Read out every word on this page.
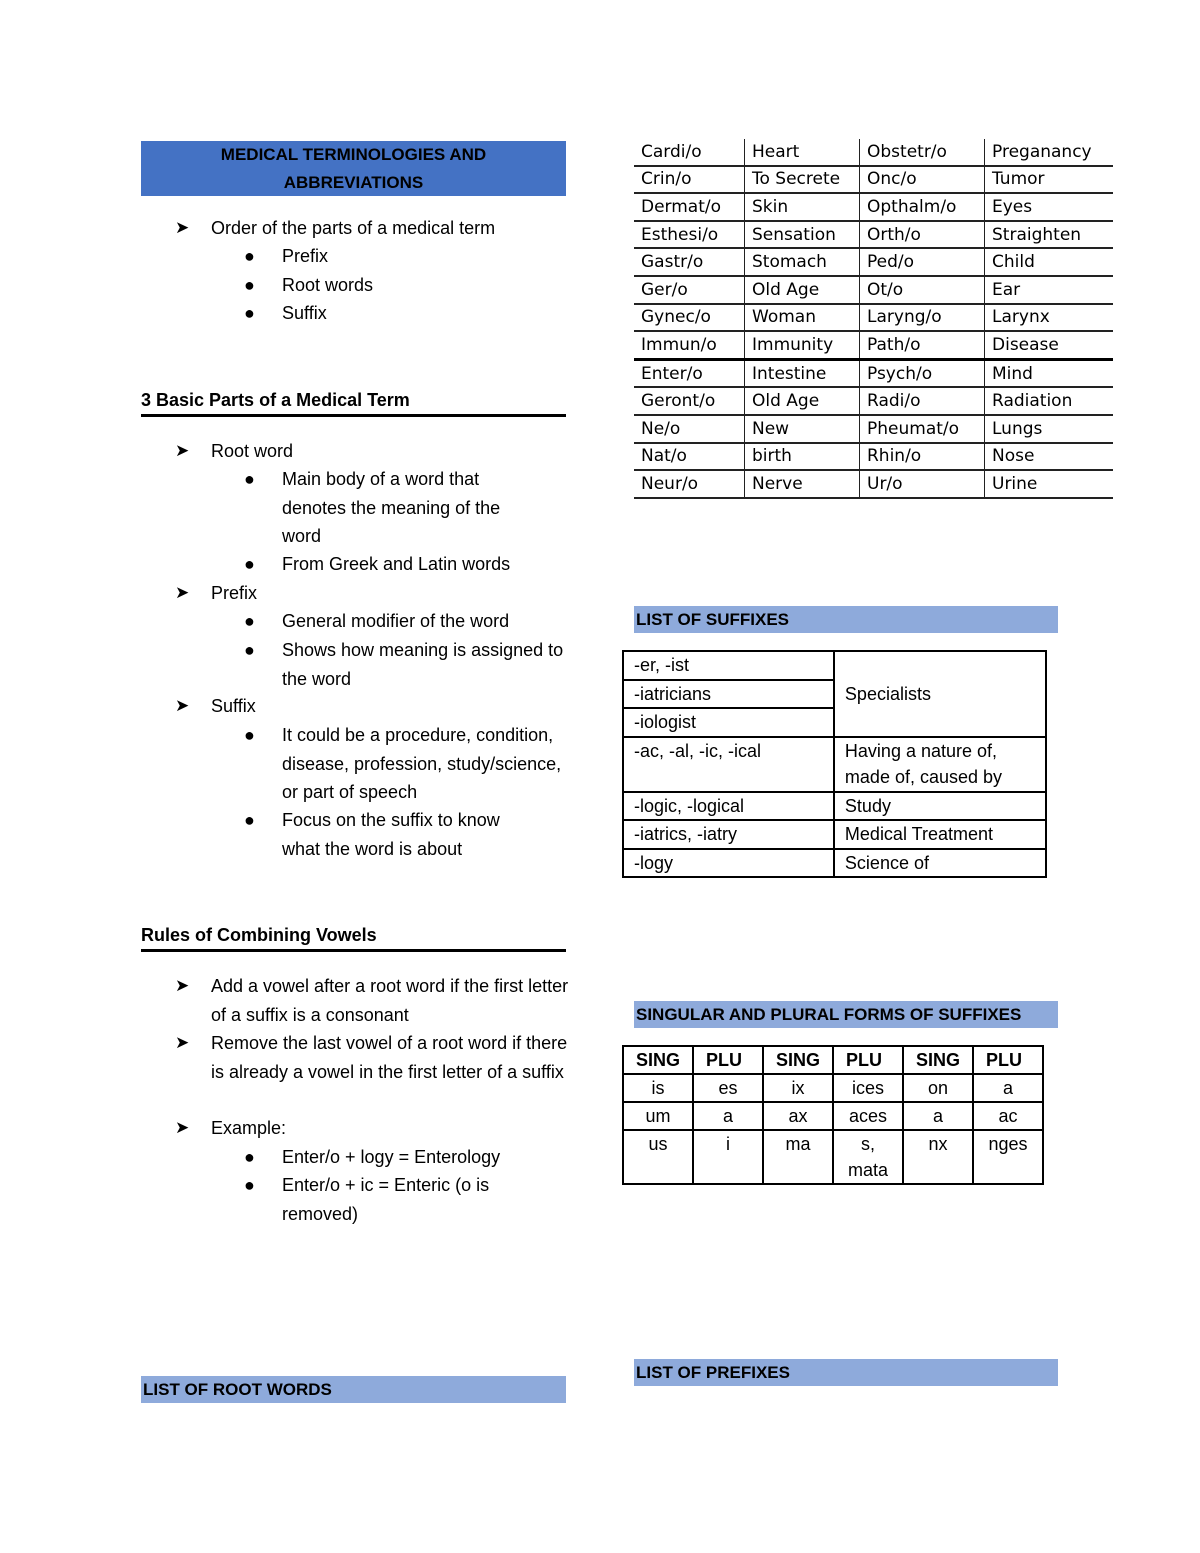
MEDICAL TERMINOLOGIES AND
ABBREVIATIONS
➤ Order of the parts of a medical term
● Prefix
● Root words
● Suffix
3 Basic Parts of a Medical Term
➤ Root word
● Main body of a word that denotes the meaning of the word
● From Greek and Latin words
➤ Prefix
● General modifier of the word
● Shows how meaning is assigned to the word
➤ Suffix
● It could be a procedure, condition, disease, profession, study/science, or part of speech
● Focus on the suffix to know what the word is about
Rules of Combining Vowels
➤ Add a vowel after a root word if the first letter of a suffix is a consonant
➤ Remove the last vowel of a root word if there is already a vowel in the first letter of a suffix
➤ Example:
● Enter/o + logy = Enterology
● Enter/o + ic = Enteric (o is removed)
LIST OF ROOT WORDS
Cardi/o	Heart	Obstetr/o	Preganancy
Crin/o	To Secrete	Onc/o	Tumor
Dermat/o	Skin	Opthalm/o	Eyes
Esthesi/o	Sensation	Orth/o	Straighten
Gastr/o	Stomach	Ped/o	Child
Ger/o	Old Age	Ot/o	Ear
Gynec/o	Woman	Laryng/o	Larynx
Immun/o	Immunity	Path/o	Disease
Enter/o	Intestine	Psych/o	Mind
Geront/o	Old Age	Radi/o	Radiation
Ne/o	New	Pheumat/o	Lungs
Nat/o	birth	Rhin/o	Nose
Neur/o	Nerve	Ur/o	Urine
LIST OF SUFFIXES
-er, -ist	Specialists
-iatricians	
-iologist	
-ac, -al, -ic, -ical	Having a nature of, made of, caused by
-logic, -logical	Study
-iatrics, -iatry	Medical Treatment
-logy	Science of
SINGULAR AND PLURAL FORMS OF SUFFIXES
SING	PLU	SING	PLU	SING	PLU
is	es	ix	ices	on	a
um	a	ax	aces	a	ac
us	i	ma	s, mata	nx	nges
LIST OF PREFIXES
